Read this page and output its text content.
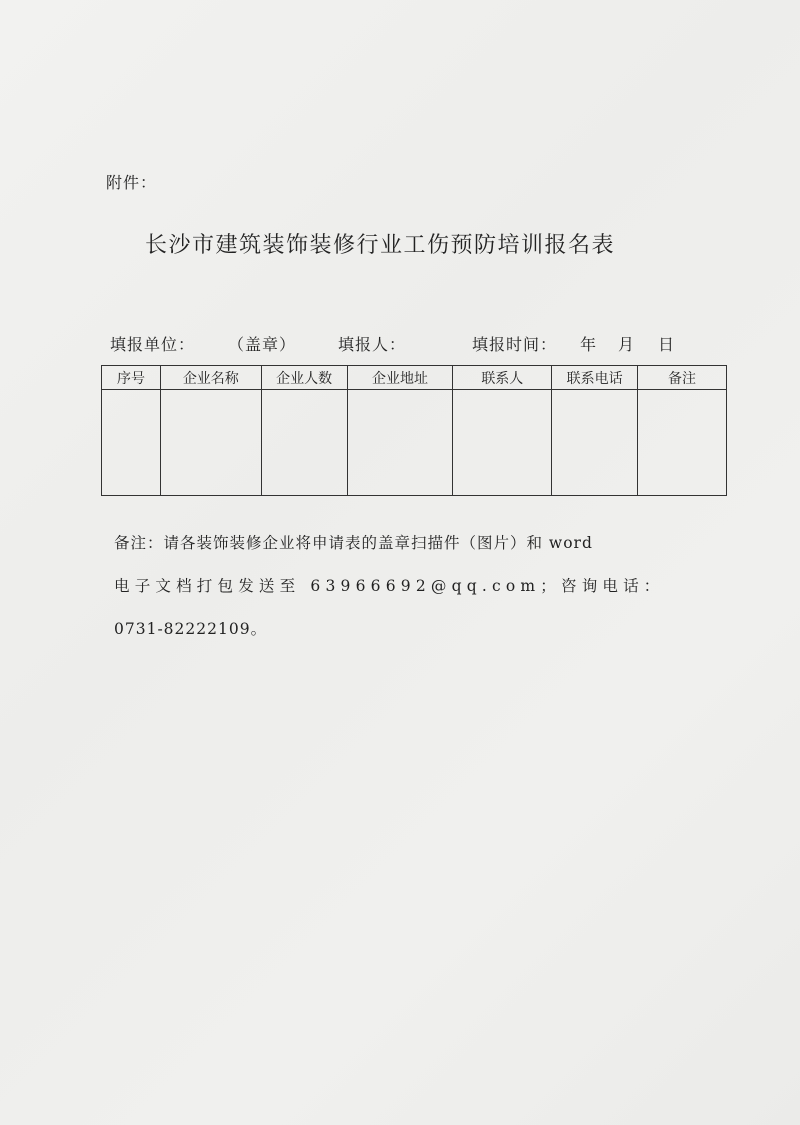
附件：
长沙市建筑装饰装修行业工伤预防培训报名表
填报单位： （盖章）	填报人：	填报时间： 年 月 日
序号	企业名称	企业人数	企业地址	联系人	联系电话	备注

备注：请各装饰装修企业将申请表的盖章扫描件（图片）和 word
电子文档打包发送至 63966692@qq.com；咨询电话：
0731-82222109。
